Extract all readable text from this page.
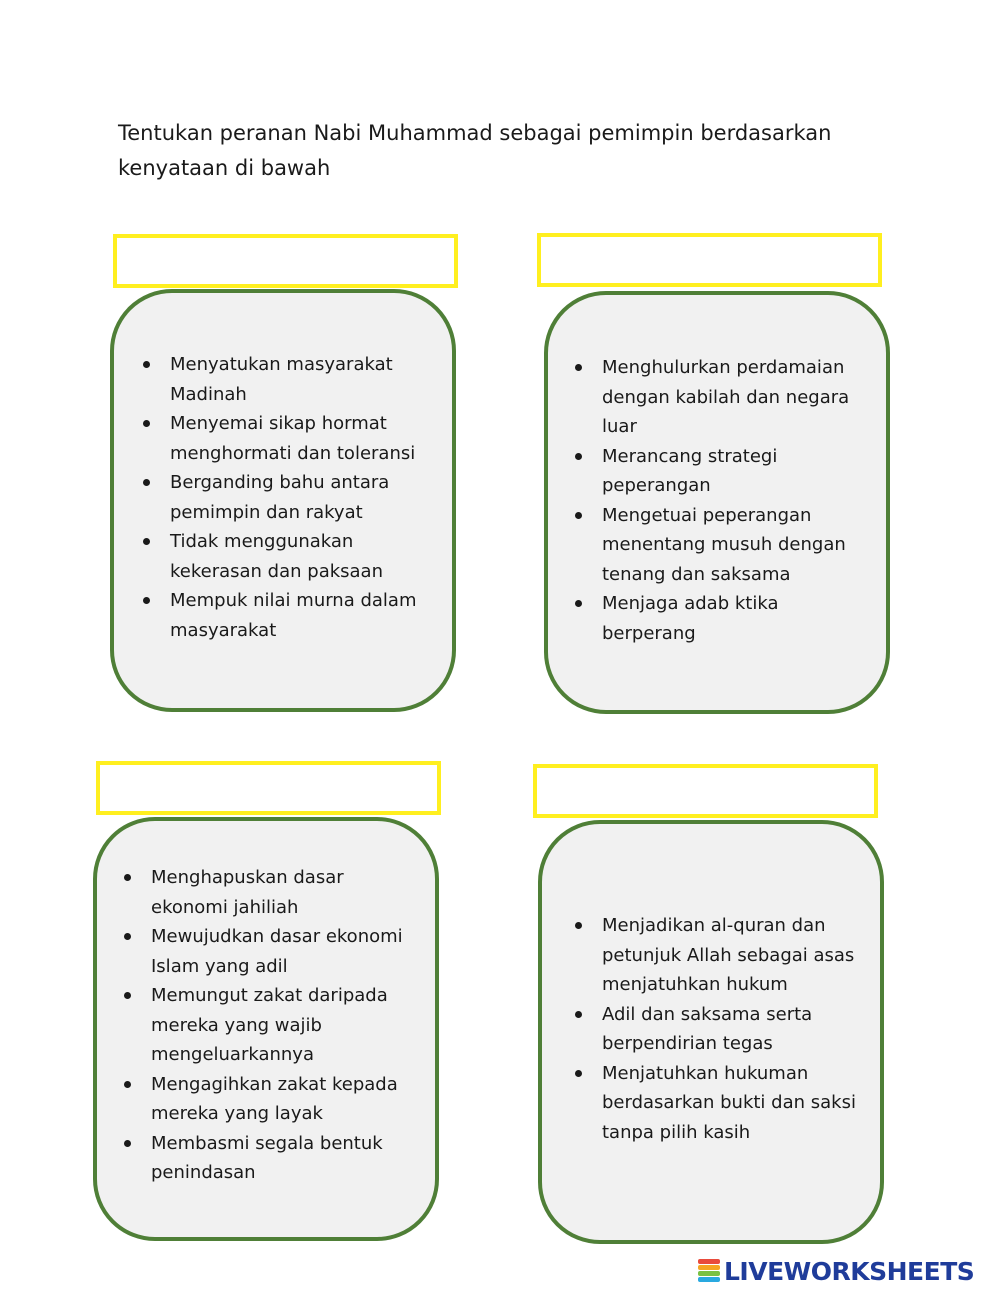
Tentukan peranan Nabi Muhammad sebagai pemimpin berdasarkan kenyataan di bawah
Menyatukan masyarakat Madinah
Menyemai sikap hormat menghormati dan toleransi
Berganding bahu antara pemimpin dan rakyat
Tidak menggunakan kekerasan dan paksaan
Mempuk nilai murna dalam masyarakat
Menghulurkan perdamaian dengan kabilah dan negara luar
Merancang strategi peperangan
Mengetuai peperangan menentang musuh dengan tenang dan saksama
Menjaga adab ktika berperang
Menghapuskan dasar ekonomi jahiliah
Mewujudkan dasar ekonomi Islam yang adil
Memungut zakat daripada mereka yang wajib mengeluarkannya
Mengagihkan zakat kepada mereka yang layak
Membasmi segala bentuk penindasan
Menjadikan al-quran dan petunjuk Allah sebagai asas menjatuhkan hukum
Adil dan saksama serta berpendirian tegas
Menjatuhkan hukuman berdasarkan bukti dan saksi tanpa pilih kasih
LIVEWORKSHEETS
